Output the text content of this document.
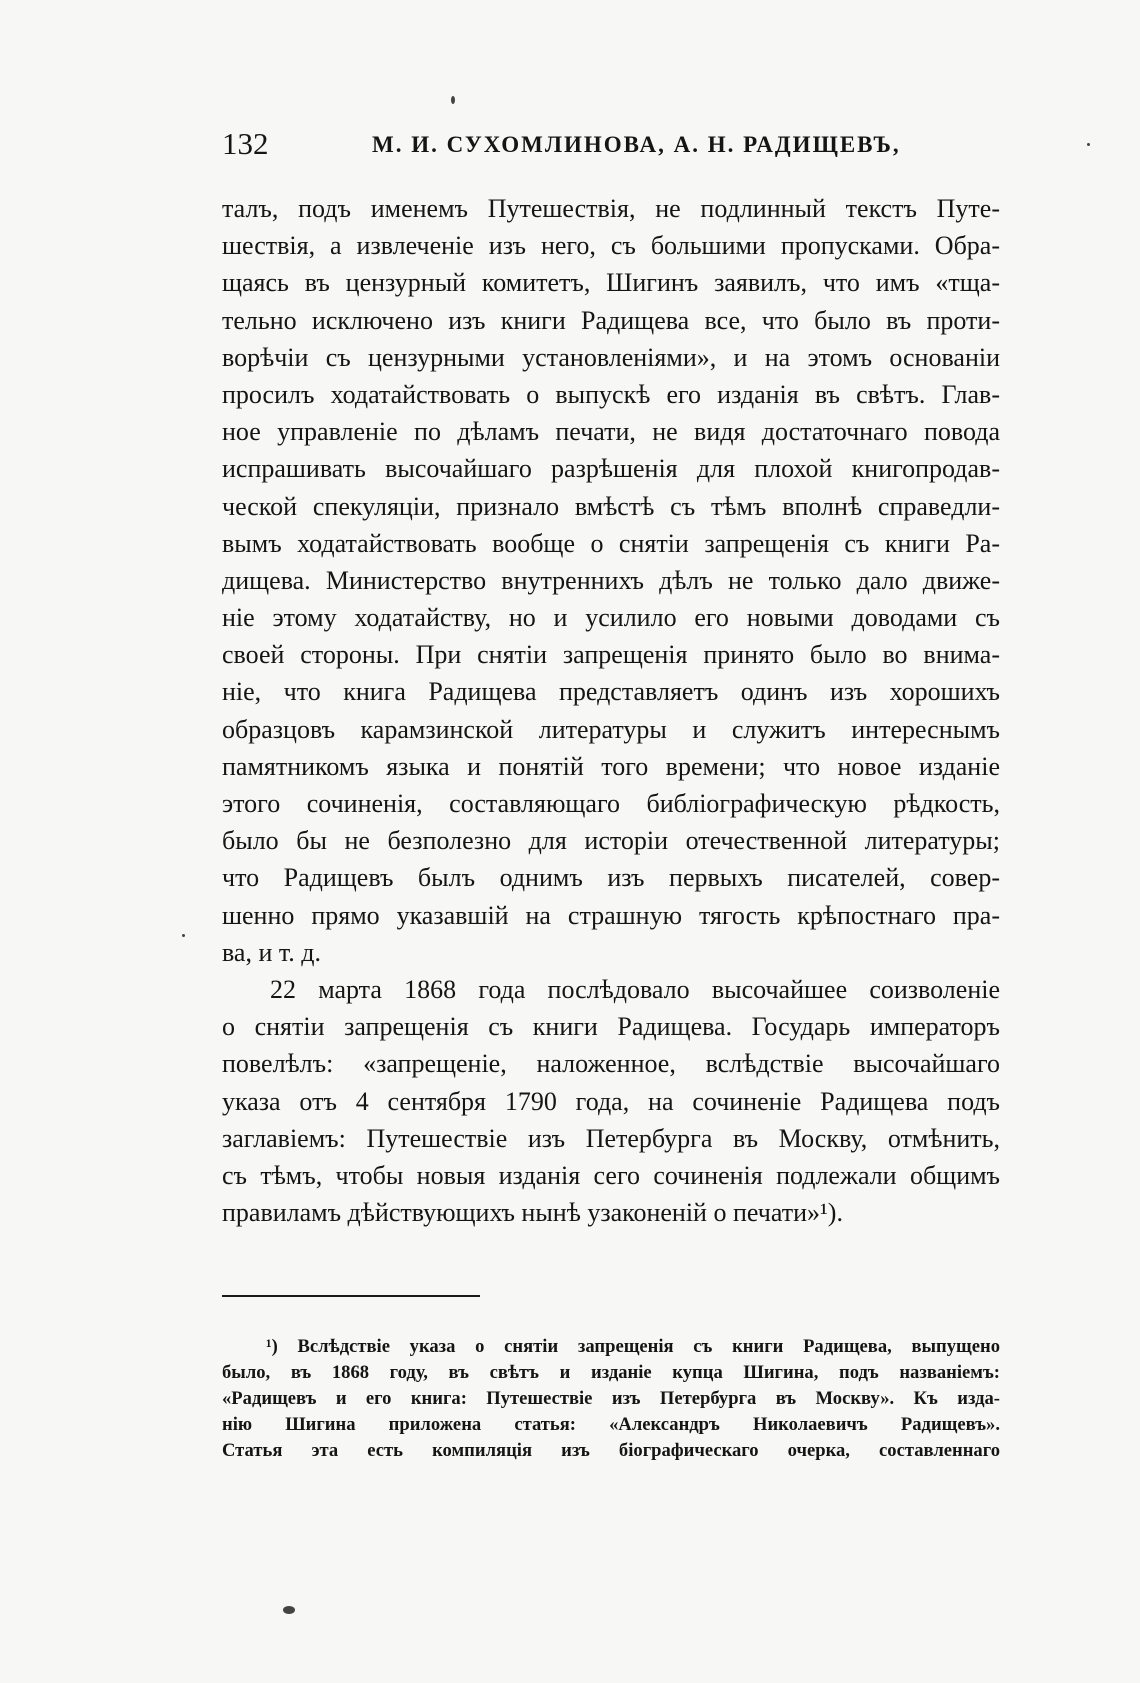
132	М. И. СУХОМЛИНОВА, А. Н. РАДИЩЕВЪ,
талъ, подъ именемъ Путешествія, не подлинный текстъ Путе-
шествія, а извлеченіе изъ него, съ большими пропусками. Обра-
щаясь въ цензурный комитетъ, Шигинъ заявилъ, что имъ «тща-
тельно исключено изъ книги Радищева все, что было въ проти-
ворѣчіи съ цензурными установленіями», и на этомъ основаніи
просилъ ходатайствовать о выпускѣ его изданія въ свѣтъ. Глав-
ное управленіе по дѣламъ печати, не видя достаточнаго повода
испрашивать высочайшаго разрѣшенія для плохой книгопродав-
ческой спекуляціи, признало вмѣстѣ съ тѣмъ вполнѣ справедли-
вымъ ходатайствовать вообще о снятіи запрещенія съ книги Ра-
дищева. Министерство внутреннихъ дѣлъ не только дало движе-
ніе этому ходатайству, но и усилило его новыми доводами съ
своей стороны. При снятіи запрещенія принято было во внима-
ніе, что книга Радищева представляетъ одинъ изъ хорошихъ
образцовъ карамзинской литературы и служитъ интереснымъ
памятникомъ языка и понятій того времени; что новое изданіе
этого сочиненія, составляющаго библіографическую рѣдкость,
было бы не безполезно для исторіи отечественной литературы;
что Радищевъ былъ однимъ изъ первыхъ писателей, совер-
шенно прямо указавшій на страшную тягость крѣпостнаго пра-
ва, и т. д.
22 марта 1868 года послѣдовало высочайшее соизволеніе
о снятіи запрещенія съ книги Радищева. Государь императоръ
повелѣлъ: «запрещеніе, наложенное, вслѣдствіе высочайшаго
указа отъ 4 сентября 1790 года, на сочиненіе Радищева подъ
заглавіемъ: Путешествіе изъ Петербурга въ Москву, отмѣнить,
съ тѣмъ, чтобы новыя изданія сего сочиненія подлежали общимъ
правиламъ дѣйствующихъ нынѣ узаконеній о печати»¹).
¹) Вслѣдствіе указа о снятіи запрещенія съ книги Радищева, выпущено
было, въ 1868 году, въ свѣтъ и изданіе купца Шигина, подъ названіемъ:
«Радищевъ и его книга: Путешествіе изъ Петербурга въ Москву». Къ изда-
нію Шигина приложена статья: «Александръ Николаевичъ Радищевъ».
Статья эта есть компиляція изъ біографическаго очерка, составленнаго
